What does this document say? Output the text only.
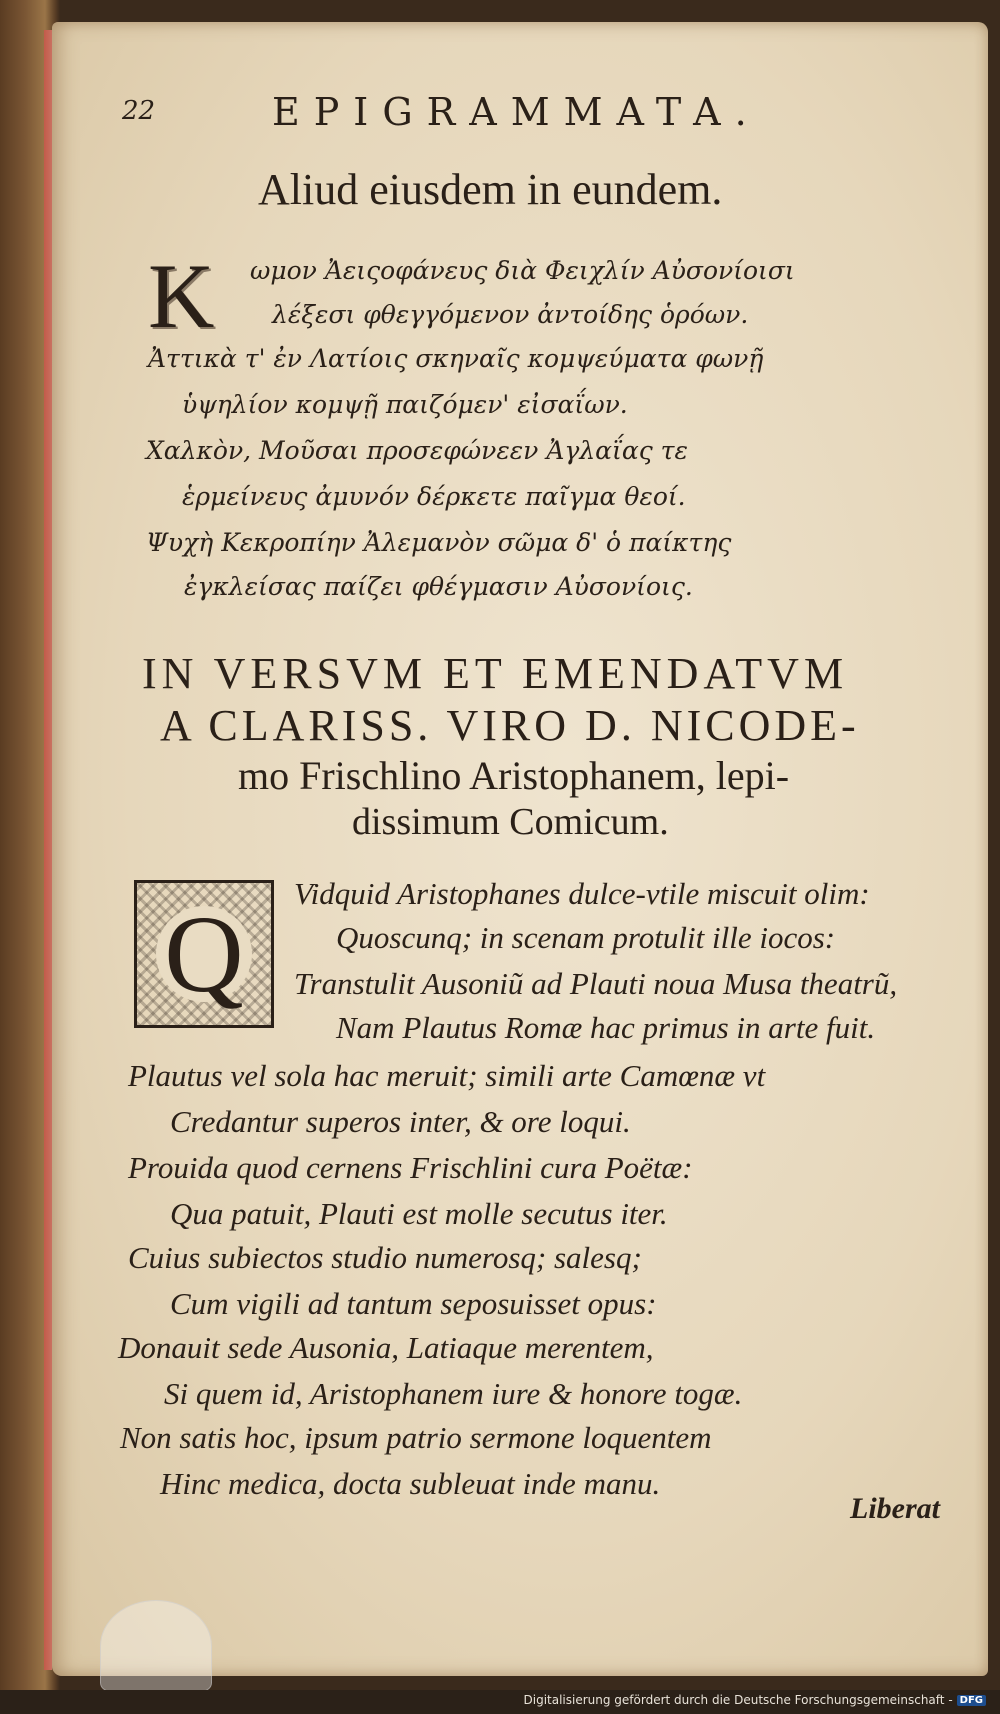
22	EPIGRAMMATA.
Aliud eiusdem in eundem.
K ωμον Ἀειςοφάνευς διὰ Φειχλίν Αὐσονίοισι
λέξεσι φθεγγόμενον ἀντοίδης ὁρόων.
Ἀττικὰ τ' ἐν Λατίοις σκηναῖς κομψεύματα φωνῇ
ὑψηλίον κομψῇ παιζόμεν' εἰσαΐων.
Χαλκὸν, Μοῦσαι προσεφώνεεν Ἀγλαΐας τε
ἑρμείνευς ἀμυνόν δέρκετε παῖγμα θεοί.
Ψυχὴ Κεκροπίην Ἀλεμανὸν σῶμα δ' ὁ παίκτης
ἐγκλείσας παίζει φθέγμασιν Αὐσονίοις.
IN VERSVM ET EMENDATVM
A CLARISS. VIRO D. NICODE-
mo Frischlino Aristophanem, lepi-
dissimum Comicum.
Q Vidquid Aristophanes dulce-vtile miscuit olim:
Quoscunq; in scenam protulit ille iocos:
Transtulit Ausoniũ ad Plauti noua Musa theatrũ,
Nam Plautus Romæ hac primus in arte fuit.
Plautus vel sola hac meruit; simili arte Camœnæ vt
Credantur superos inter, & ore loqui.
Prouida quod cernens Frischlini cura Poëtæ:
Qua patuit, Plauti est molle secutus iter.
Cuius subiectos studio numerosq; salesq;
Cum vigili ad tantum seposuisset opus:
Donauit sede Ausonia, Latiaque merentem,
Si quem id, Aristophanem iure & honore togæ.
Non satis hoc, ipsum patrio sermone loquentem
Hinc medica, docta subleuat inde manu.
Liberat
Digitalisierung gefördert durch die Deutsche Forschungsgemeinschaft - DFG
